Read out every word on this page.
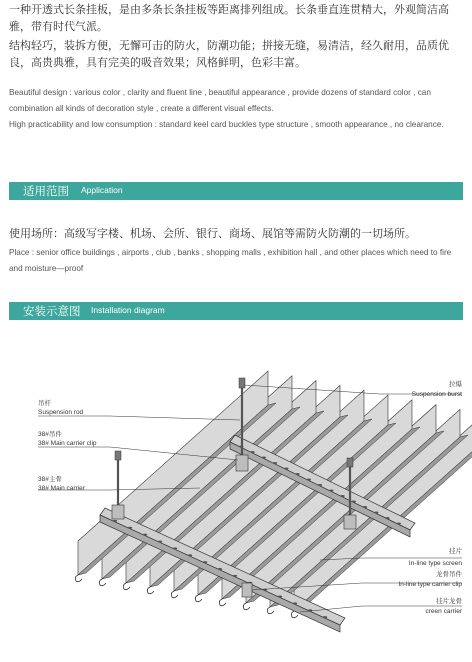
一种开透式长条挂板，是由多条长条挂板等距离排列组成。长条垂直连贯精大，外观简洁高雅，带有时代气派。
结构轻巧，装拆方便，无懈可击的防火，防潮功能；拼接无缝，易清洁，经久耐用，品质优良，高贵典雅，具有完美的吸音效果；风格鲜明，色彩丰富。
Beautiful design : various color , clarity and fluent line , beautiful appearance , provide dozens of standard color , can combination all kinds of decoration style , create a different visual effects.
High practicability and low consumption : standard keel card buckles type structure , smooth appearance , no clearance.
适用范围 Application
使用场所：高级写字楼、机场、会所、银行、商场、展馆等需防火防潮的一切场所。
Place : senior office buildings , airports , club , banks , shopping malls , exhibition hall , and other places which need to fire and moisture—proof
安装示意图 Installation diagram
拉爆
Suspension burst
吊杆
Suspension rod
38#吊件
38# Main carrier clip
38#主骨
38# Main carrier
挂片
In-line type screen
龙骨吊件
In-line type carrier clip
挂片龙骨
creen carrier
